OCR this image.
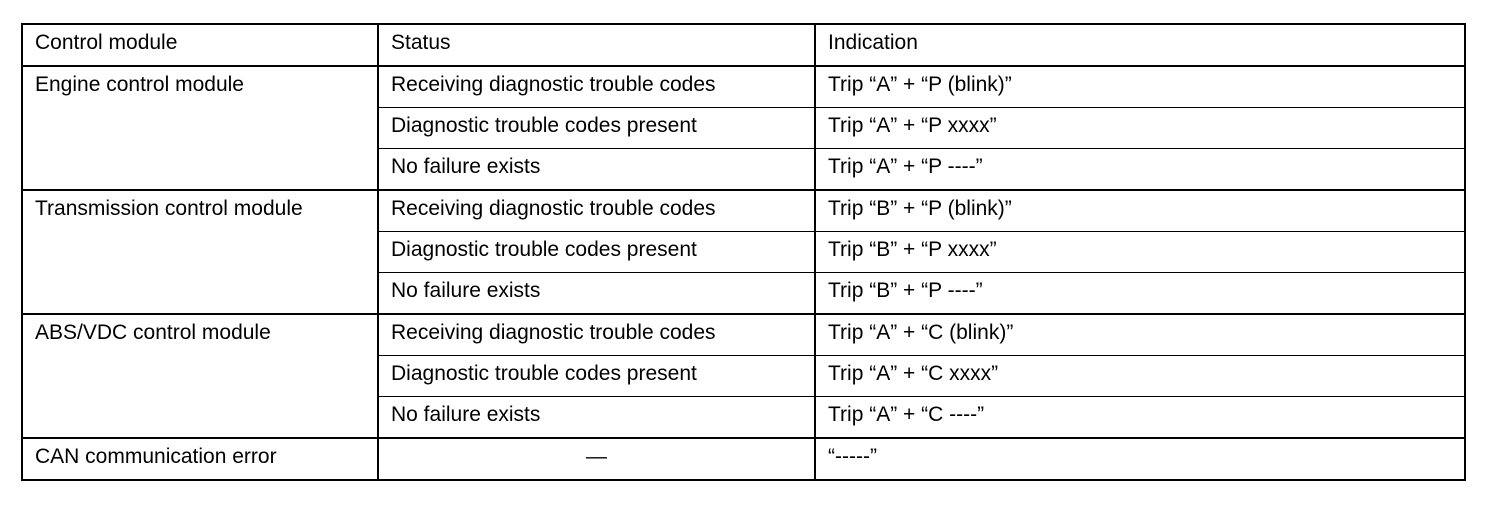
Control module	Status	Indication
Engine control module	Receiving diagnostic trouble codes	Trip “A” + “P (blink)”
	Diagnostic trouble codes present	Trip “A” + “P xxxx”
	No failure exists	Trip “A” + “P ----”
Transmission control module	Receiving diagnostic trouble codes	Trip “B” + “P (blink)”
	Diagnostic trouble codes present	Trip “B” + “P xxxx”
	No failure exists	Trip “B” + “P ----”
ABS/VDC control module	Receiving diagnostic trouble codes	Trip “A” + “C (blink)”
	Diagnostic trouble codes present	Trip “A” + “C xxxx”
	No failure exists	Trip “A” + “C ----”
CAN communication error	—	“-----”
